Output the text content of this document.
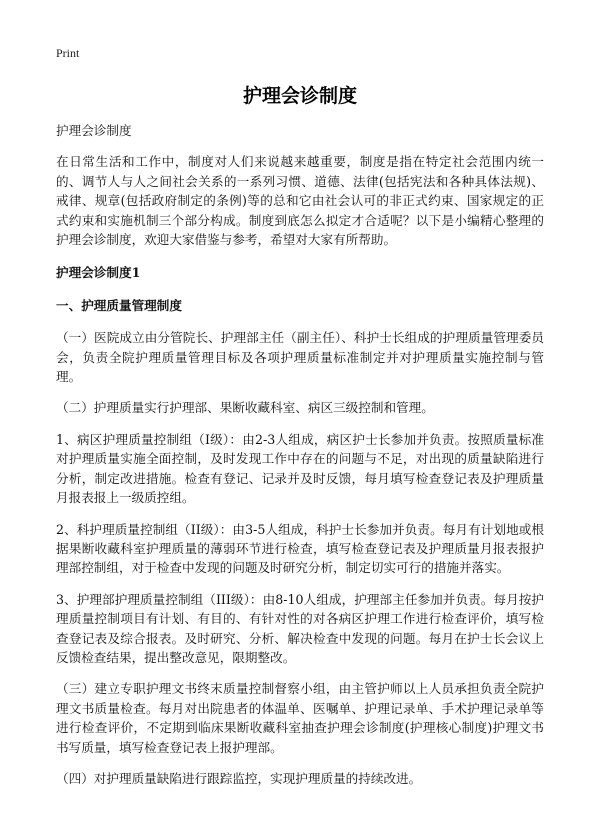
Print
护理会诊制度

护理会诊制度

在日常生活和工作中，制度对人们来说越来越重要，制度是指在特定社会范围内统一的、调节人与人之间社会关系的一系列习惯、道德、法律(包括宪法和各种具体法规)、戒律、规章(包括政府制定的条例)等的总和它由社会认可的非正式约束、国家规定的正式约束和实施机制三个部分构成。制度到底怎么拟定才合适呢？以下是小编精心整理的护理会诊制度，欢迎大家借鉴与参考，希望对大家有所帮助。

护理会诊制度1

一、护理质量管理制度

（一）医院成立由分管院长、护理部主任（副主任）、科护士长组成的护理质量管理委员会，负责全院护理质量管理目标及各项护理质量标准制定并对护理质量实施控制与管理。

（二）护理质量实行护理部、果断收藏科室、病区三级控制和管理。

1、病区护理质量控制组（I级）：由2-3人组成，病区护士长参加并负责。按照质量标准对护理质量实施全面控制，及时发现工作中存在的问题与不足，对出现的质量缺陷进行分析，制定改进措施。检查有登记、记录并及时反馈，每月填写检查登记表及护理质量月报表报上一级质控组。

2、科护理质量控制组（II级）：由3-5人组成，科护士长参加并负责。每月有计划地或根据果断收藏科室护理质量的薄弱环节进行检查，填写检查登记表及护理质量月报表报护理部控制组，对于检查中发现的问题及时研究分析，制定切实可行的措施并落实。

3、护理部护理质量控制组（III级）：由8-10人组成，护理部主任参加并负责。每月按护理质量控制项目有计划、有目的、有针对性的对各病区护理工作进行检查评价，填写检查登记表及综合报表。及时研究、分析、解决检查中发现的问题。每月在护士长会议上反馈检查结果，提出整改意见，限期整改。

（三）建立专职护理文书终末质量控制督察小组，由主管护师以上人员承担负责全院护理文书质量检查。每月对出院患者的体温单、医嘱单、护理记录单、手术护理记录单等进行检查评价，不定期到临床果断收藏科室抽查护理会诊制度(护理核心制度)护理文书书写质量，填写检查登记表上报护理部。

（四）对护理质量缺陷进行跟踪监控，实现护理质量的持续改进。
